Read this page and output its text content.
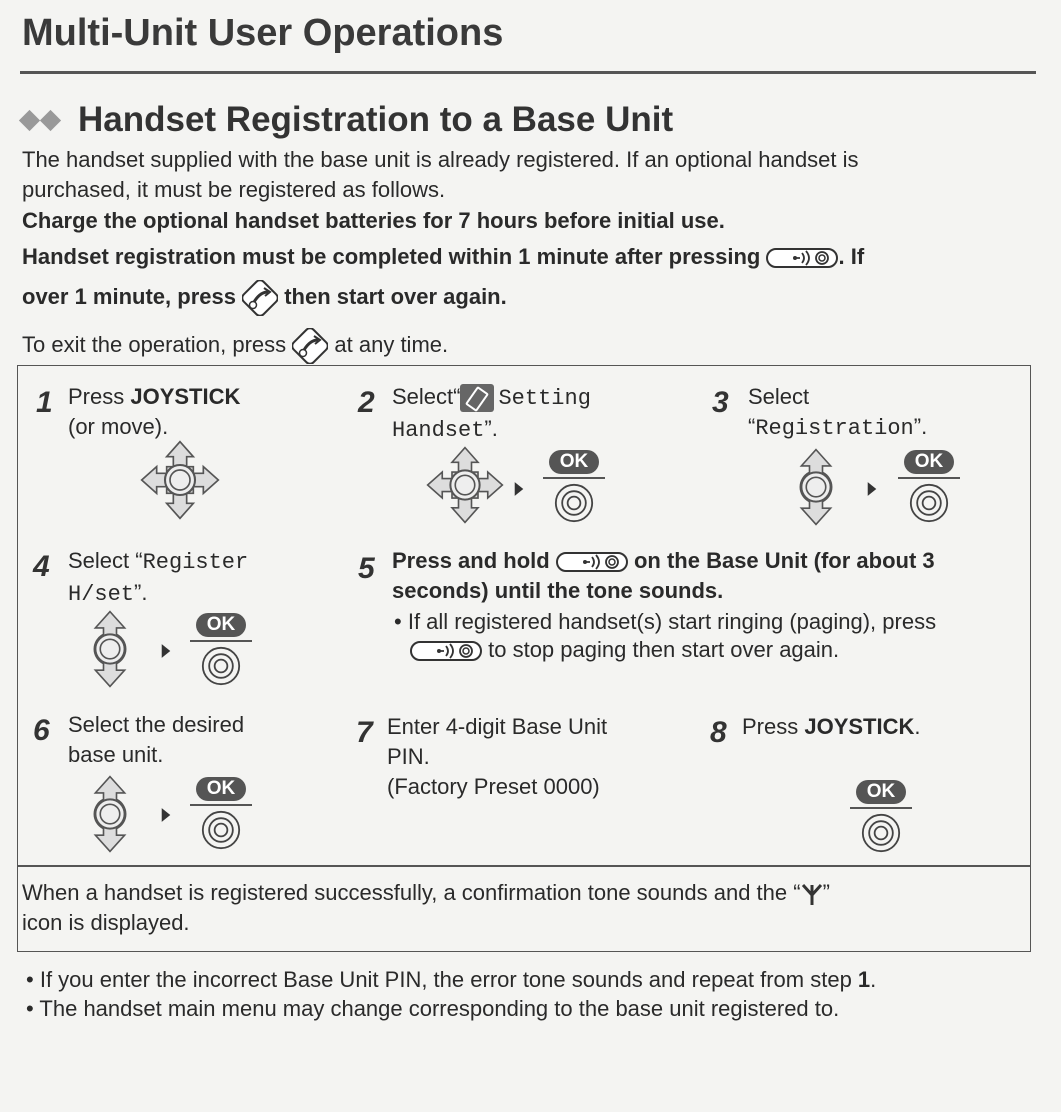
Multi-Unit User Operations
Handset Registration to a Base Unit
The handset supplied with the base unit is already registered. If an optional handset is
purchased, it must be registered as follows.
Charge the optional handset batteries for 7 hours before initial use.
Handset registration must be completed within 1 minute after pressing	. If
over 1 minute, press then start over again.
To exit the operation, press at any time.
1 Press JOYSTICK
(or move).
2 Select“ Setting
Handset”.
OK
3 Select
“Registration”.
OK
4 Select “Register
H/set”.
OK
5 Press and hold	on the Base Unit (for about 3
seconds) until the tone sounds.
• If all registered handset(s) start ringing (paging), press
to stop paging then start over again.
6 Select the desired
base unit.
OK
7 Enter 4-digit Base Unit
PIN.
(Factory Preset 0000)
8 Press JOYSTICK.
OK
When a handset is registered successfully, a confirmation tone sounds and the “ ”
icon is displayed.
• If you enter the incorrect Base Unit PIN, the error tone sounds and repeat from step 1.
• The handset main menu may change corresponding to the base unit registered to.
